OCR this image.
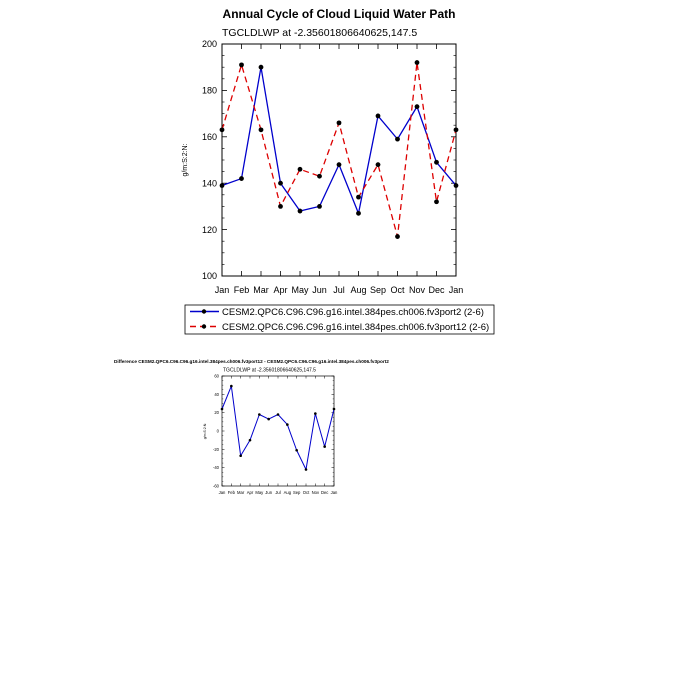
Annual Cycle of Cloud Liquid Water Path
TGCLDLWP at -2.35601806640625,147.5
g/m:S:2:N:
100
120
140
160
180
200
Jan Feb Mar Apr May Jun Jul Aug Sep Oct Nov Dec Jan
CESM2.QPC6.C96.C96.g16.intel.384pes.ch006.fv3port2 (2-6)
CESM2.QPC6.C96.C96.g16.intel.384pes.ch006.fv3port12 (2-6)
Difference CESM2.QPC6.C96.C96.g16.intel.384pes.ch006.fv3port12 - CESM2.QPC6.C96.C96.g16.intel.384pes.ch006.fv3port2
TGCLDLWP at -2.35601806640625,147.5
g/m:S:2:N:
-60
-40
-20
0
20
40
60
Jan Feb Mar Apr May Jun Jul Aug Sep Oct Nov Dec Jan
